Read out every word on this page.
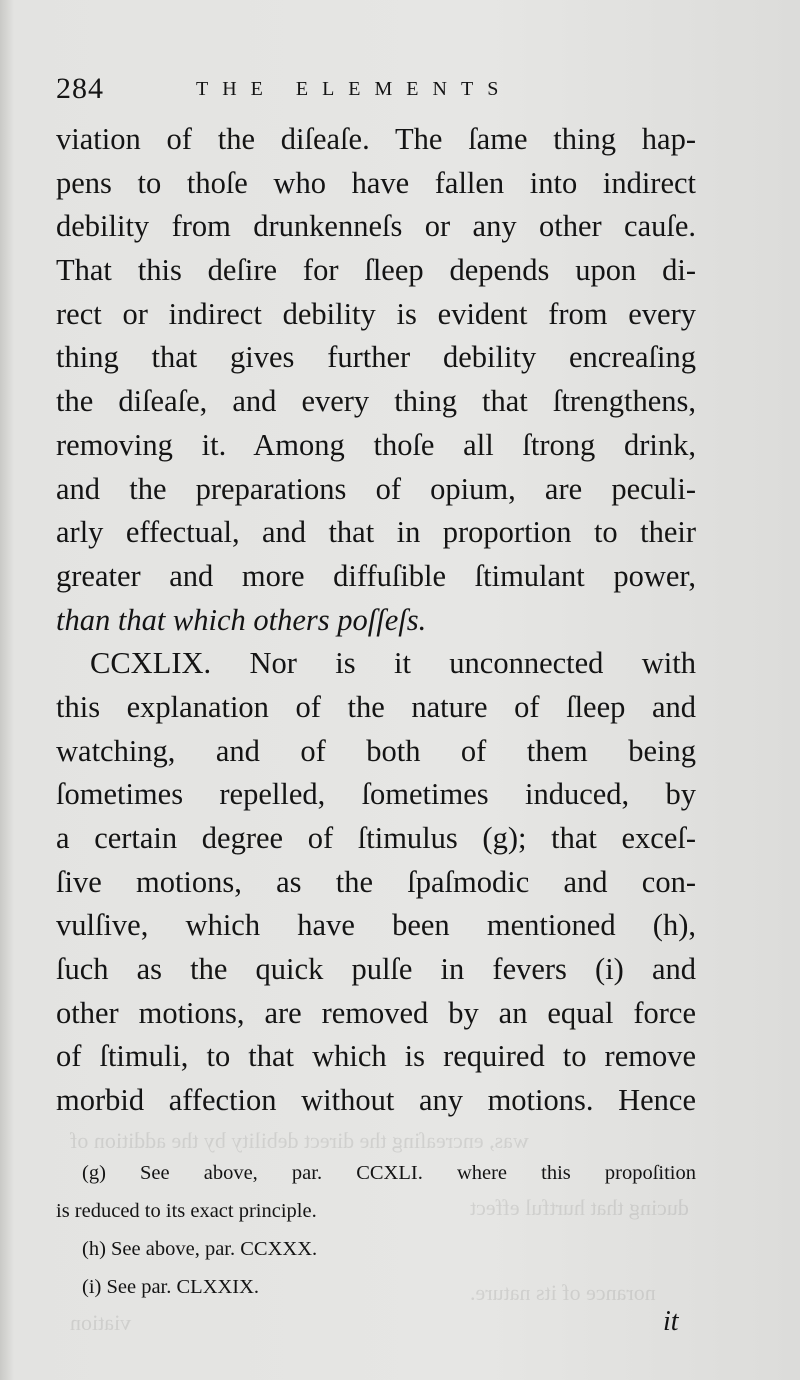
was, encreaſing the direct debility by the addition of
ducing that hurtful effect
norance of its nature.
viation
284	THE ELEMENTS
viation of the diſeaſe. The ſame thing hap-
pens to thoſe who have fallen into indirect
debility from drunkenneſs or any other cauſe.
That this deſire for ſleep depends upon di-
rect or indirect debility is evident from every
thing that gives further debility encreaſing
the diſeaſe, and every thing that ſtrengthens,
removing it. Among thoſe all ſtrong drink,
and the preparations of opium, are peculi-
arly effectual, and that in proportion to their
greater and more diffuſible ſtimulant power,
than that which others poſſeſs.
CCXLIX. Nor is it unconnected with
this explanation of the nature of ſleep and
watching, and of both of them being
ſometimes repelled, ſometimes induced, by
a certain degree of ſtimulus (g); that exceſ-
ſive motions, as the ſpaſmodic and con-
vulſive, which have been mentioned (h),
ſuch as the quick pulſe in fevers (i) and
other motions, are removed by an equal force
of ſtimuli, to that which is required to remove
morbid affection without any motions. Hence
(g) See above, par. CCXLI. where this propoſition
is reduced to its exact principle.
(h) See above, par. CCXXX.
(i) See par. CLXXIX.
it
